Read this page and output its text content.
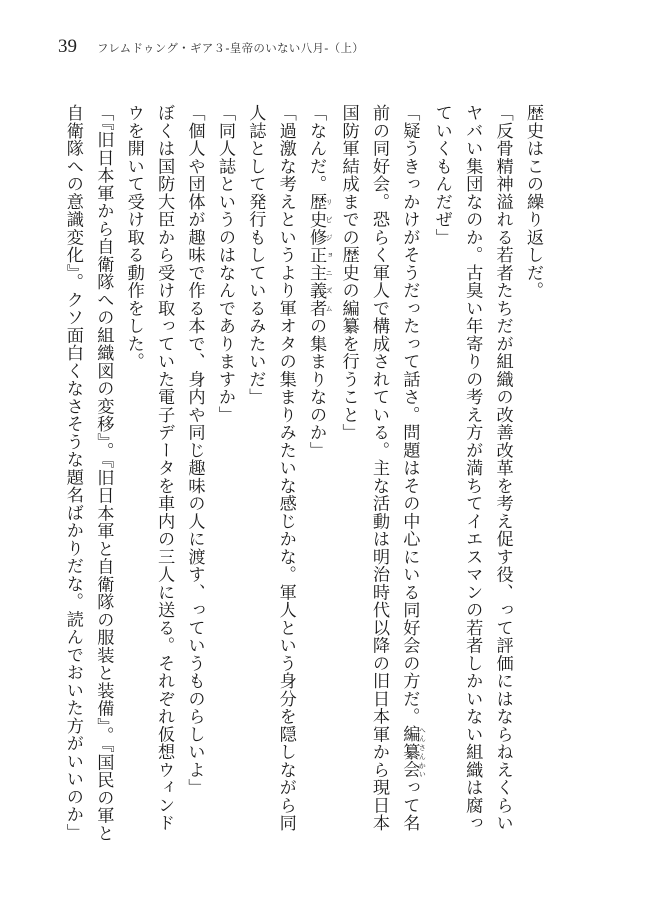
39 フレムドゥング・ギア３‐皇帝のいない八月‐（上）

歴史はこの繰り返しだ。

「反骨精神溢れる若者たちだが組織の改善改革を考え促す役、って評価にはならねえくらいヤバい集団なのか。古臭い年寄りの考え方が満ちてイエスマンの若者しかいない組織は腐っていくもんだぜ」

「疑うきっかけがそうだったって話さ。問題はその中心にいる同好会の方だ。編纂会 へんさんかいって名前の同好会。恐らく軍人で構成されている。主な活動は明治時代以降の旧日本軍から現日本国防軍結成までの歴史の編纂を行うこと」

「なんだ。歴史修正主義者 リビジョニズムの集まりなのか」

「過激な考えというより軍オタの集まりみたいな感じかな。軍人という身分を隠しながら同人誌として発行もしているみたいだ」

「同人誌というのはなんでありますか」

「個人や団体が趣味で作る本で、身内や同じ趣味の人に渡す、っていうものらしいよ」

ぼくは国防大臣から受け取っていた電子データを車内の三人に送る。それぞれ仮想ウィンドウを開いて受け取る動作をした。

「『旧日本軍から自衛隊への組織図の変移』。『旧日本軍と自衛隊の服装と装備』。『国民の軍と自衛隊への意識変化』。クソ面白くなさそうな題名ばかりだな。読んでおいた方がいいのか」
